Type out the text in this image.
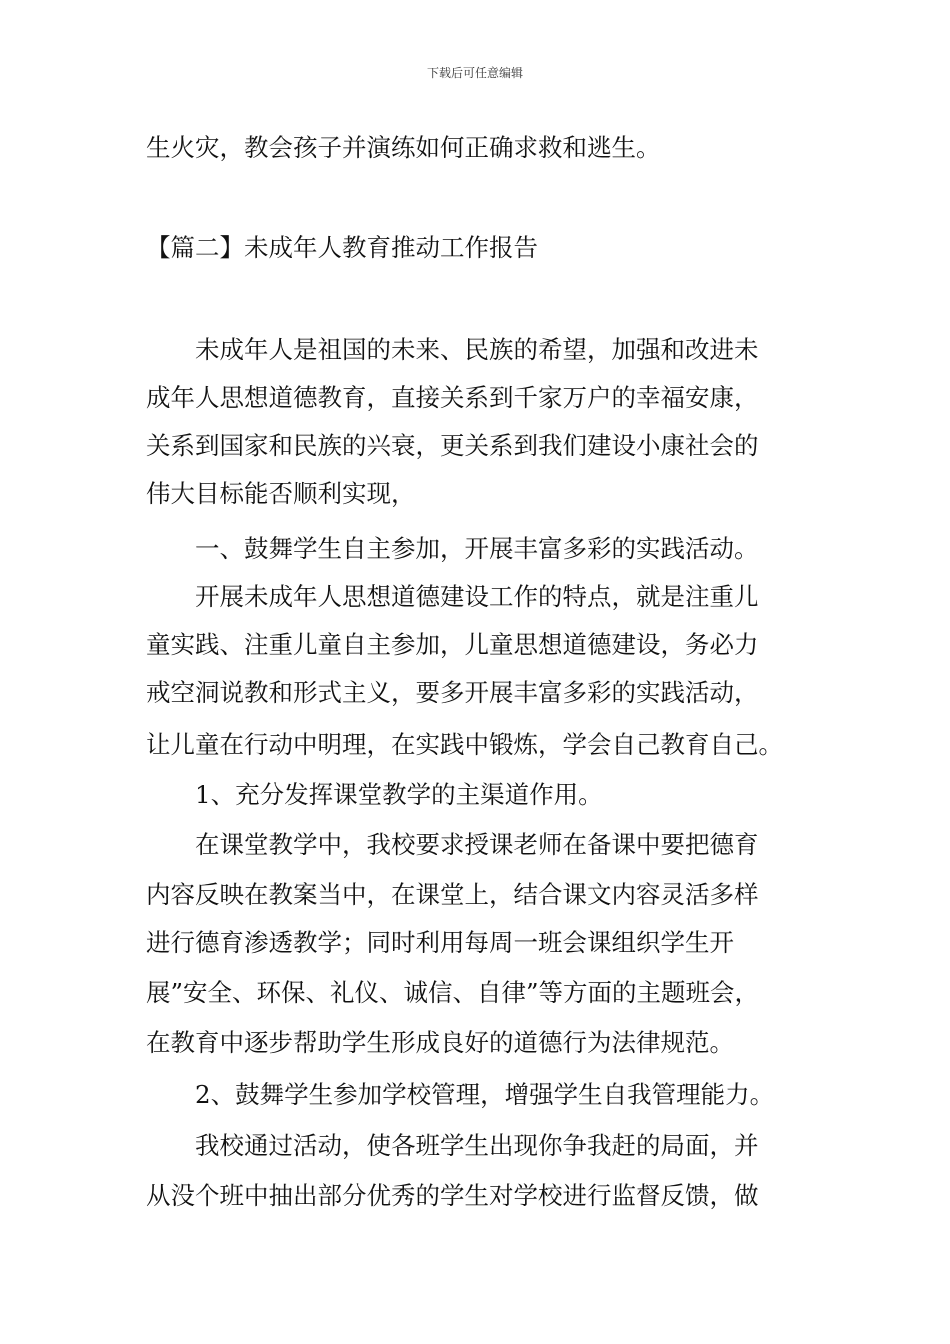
下载后可任意编辑
生火灾，教会孩子并演练如何正确求救和逃生。
【篇二】未成年人教育推动工作报告
　　未成年人是祖国的未来、民族的希望，加强和改进未
成年人思想道德教育，直接关系到千家万户的幸福安康，
关系到国家和民族的兴衰，更关系到我们建设小康社会的
伟大目标能否顺利实现，
　　一、鼓舞学生自主参加，开展丰富多彩的实践活动。
　　开展未成年人思想道德建设工作的特点，就是注重儿
童实践、注重儿童自主参加，儿童思想道德建设，务必力
戒空洞说教和形式主义，要多开展丰富多彩的实践活动，
让儿童在行动中明理，在实践中锻炼，学会自己教育自己。
　　1、充分发挥课堂教学的主渠道作用。
　　在课堂教学中，我校要求授课老师在备课中要把德育
内容反映在教案当中，在课堂上，结合课文内容灵活多样
进行德育渗透教学；同时利用每周一班会课组织学生开
展”安全、环保、礼仪、诚信、自律”等方面的主题班会，
在教育中逐步帮助学生形成良好的道德行为法律规范。
　　2、鼓舞学生参加学校管理，增强学生自我管理能力。
　　我校通过活动，使各班学生出现你争我赶的局面，并
从没个班中抽出部分优秀的学生对学校进行监督反馈，做
